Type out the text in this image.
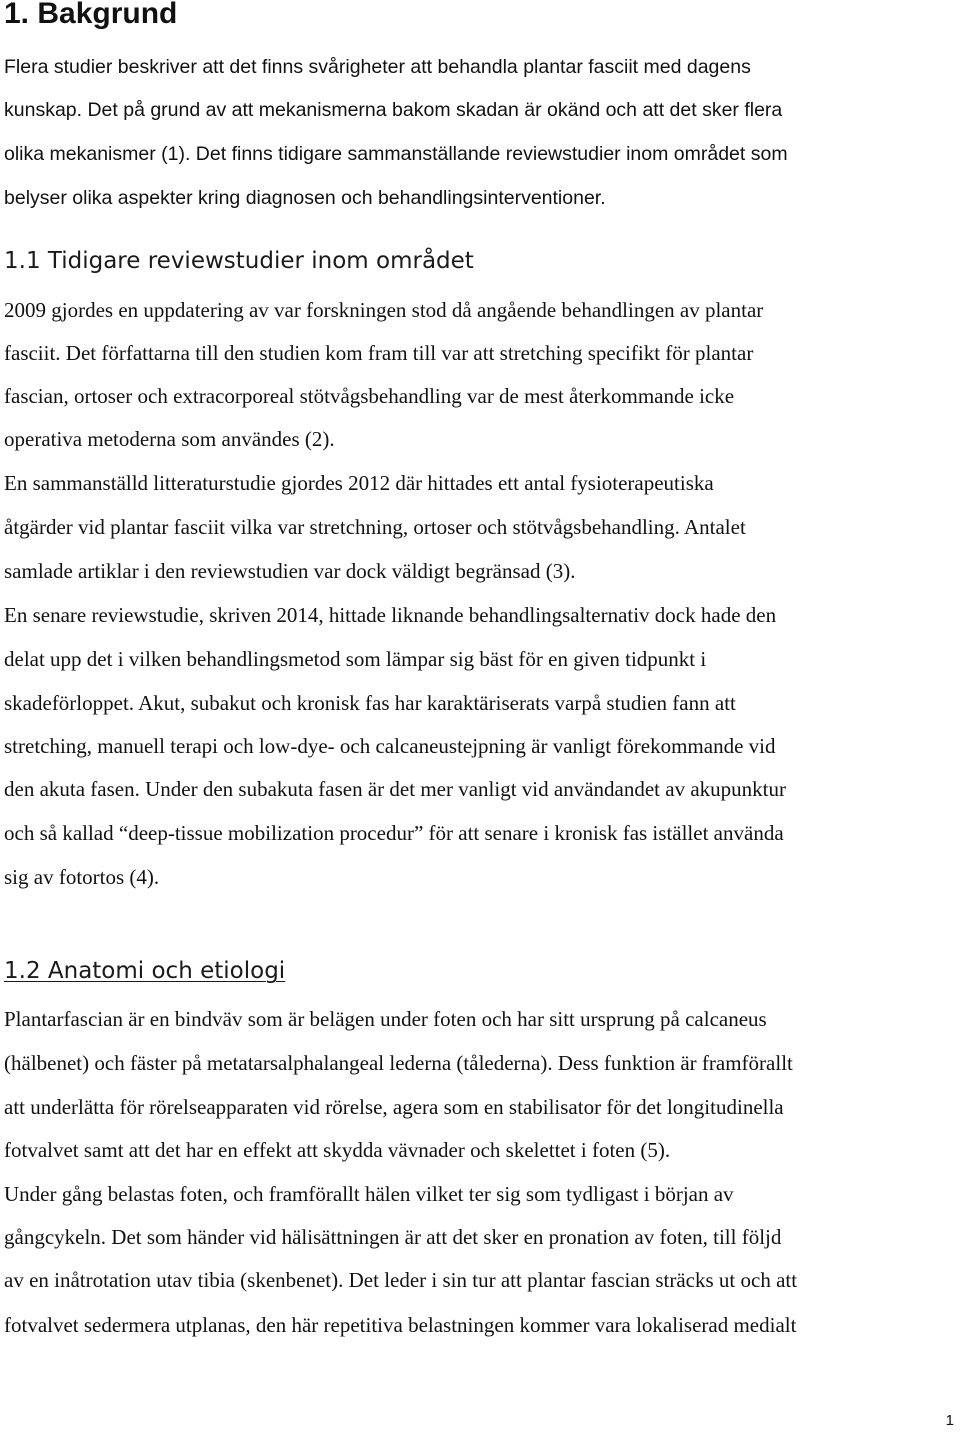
1. Bakgrund
Flera studier beskriver att det finns svårigheter att behandla plantar fasciit med dagens
kunskap. Det på grund av att mekanismerna bakom skadan är okänd och att det sker flera
olika mekanismer (1). Det finns tidigare sammanställande reviewstudier inom området som
belyser olika aspekter kring diagnosen och behandlingsinterventioner.
1.1 Tidigare reviewstudier inom området
2009 gjordes en uppdatering av var forskningen stod då angående behandlingen av plantar
fasciit. Det författarna till den studien kom fram till var att stretching specifikt för plantar
fascian, ortoser och extracorporeal stötvågsbehandling var de mest återkommande icke
operativa metoderna som användes (2).
En sammanställd litteraturstudie gjordes 2012 där hittades ett antal fysioterapeutiska
åtgärder vid plantar fasciit vilka var stretchning, ortoser och stötvågsbehandling. Antalet
samlade artiklar i den reviewstudien var dock väldigt begränsad (3).
En senare reviewstudie, skriven 2014, hittade liknande behandlingsalternativ dock hade den
delat upp det i vilken behandlingsmetod som lämpar sig bäst för en given tidpunkt i
skadeförloppet. Akut, subakut och kronisk fas har karaktäriserats varpå studien fann att
stretching, manuell terapi och low-dye- och calcaneustejpning är vanligt förekommande vid
den akuta fasen. Under den subakuta fasen är det mer vanligt vid användandet av akupunktur
och så kallad “deep-tissue mobilization procedur” för att senare i kronisk fas istället använda
sig av fotortos (4).
1.2 Anatomi och etiologi
Plantarfascian är en bindväv som är belägen under foten och har sitt ursprung på calcaneus
(hälbenet) och fäster på metatarsalphalangeal lederna (tålederna). Dess funktion är framförallt
att underlätta för rörelseapparaten vid rörelse, agera som en stabilisator för det longitudinella
fotvalvet samt att det har en effekt att skydda vävnader och skelettet i foten (5).
Under gång belastas foten, och framförallt hälen vilket ter sig som tydligast i början av
gångcykeln. Det som händer vid hälisättningen är att det sker en pronation av foten, till följd
av en inåtrotation utav tibia (skenbenet). Det leder i sin tur att plantar fascian sträcks ut och att
fotvalvet sedermera utplanas, den här repetitiva belastningen kommer vara lokaliserad medialt
1
